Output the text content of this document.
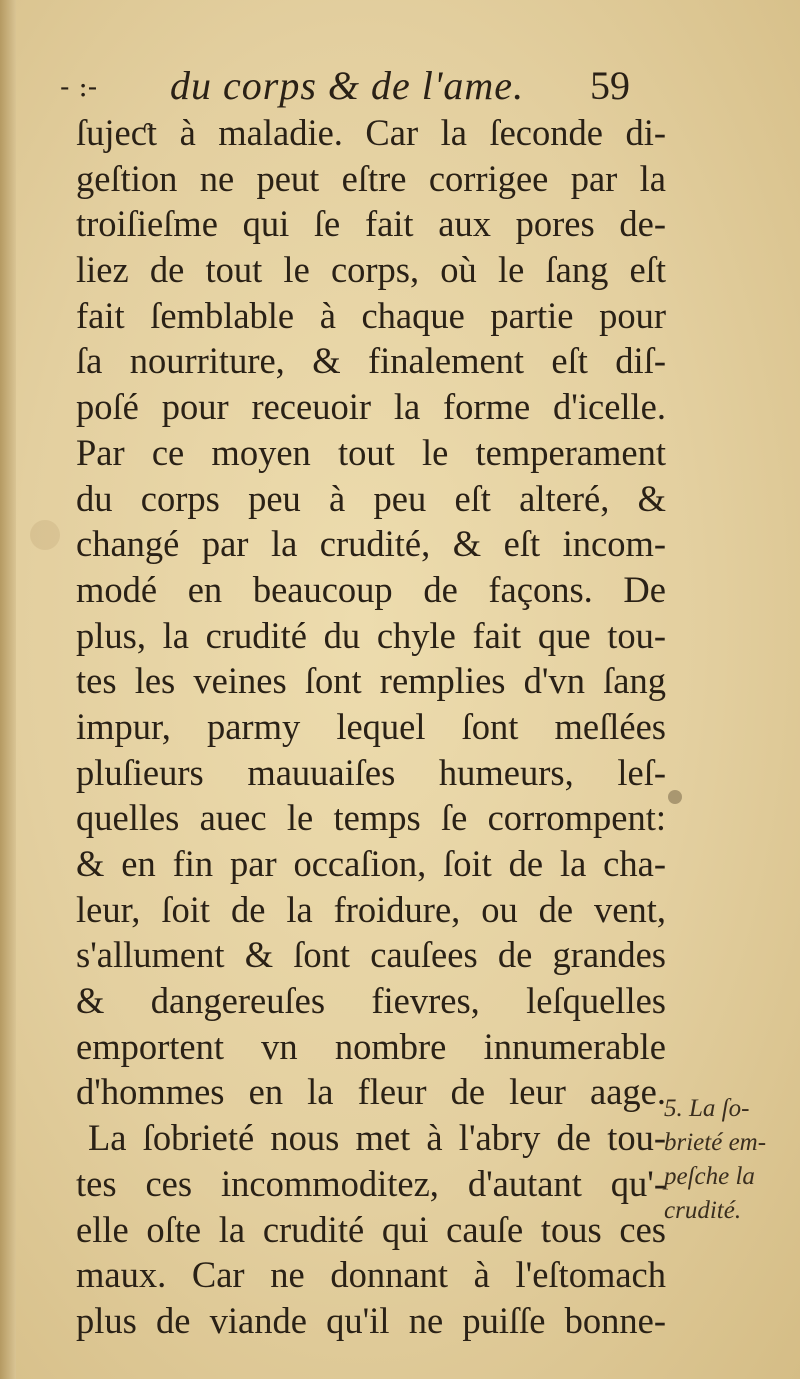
- :- du corps & de l'ame. 59
ſujeƈt à maladie. Car la ſeconde di-
geſtion ne peut eſtre corrigee par la
troiſieſme qui ſe fait aux pores de-
liez de tout le corps, où le ſang eſt
fait ſemblable à chaque partie pour
ſa nourriture, & finalement eſt diſ-
poſé pour receuoir la forme d'icelle.
Par ce moyen tout le temperament
du corps peu à peu eſt alteré, &
changé par la crudité, & eſt incom-
modé en beaucoup de façons. De
plus, la crudité du chyle fait que tou-
tes les veines ſont remplies d'vn ſang
impur, parmy lequel ſont meſlées
pluſieurs mauuaiſes humeurs, leſ-
quelles auec le temps ſe corrompent:
& en fin par occaſion, ſoit de la cha-
leur, ſoit de la froidure, ou de vent,
s'allument & ſont cauſees de grandes
& dangereuſes fievres, leſquelles
emportent vn nombre innumerable
d'hommes en la fleur de leur aage.
La ſobrieté nous met à l'abry de tou-
tes ces incommoditez, d'autant qu'-
elle oſte la crudité qui cauſe tous ces
maux. Car ne donnant à l'eſtomach
plus de viande qu'il ne puiſſe bonne-
5. La ſo-
brieté em-
peſche la
crudité.
